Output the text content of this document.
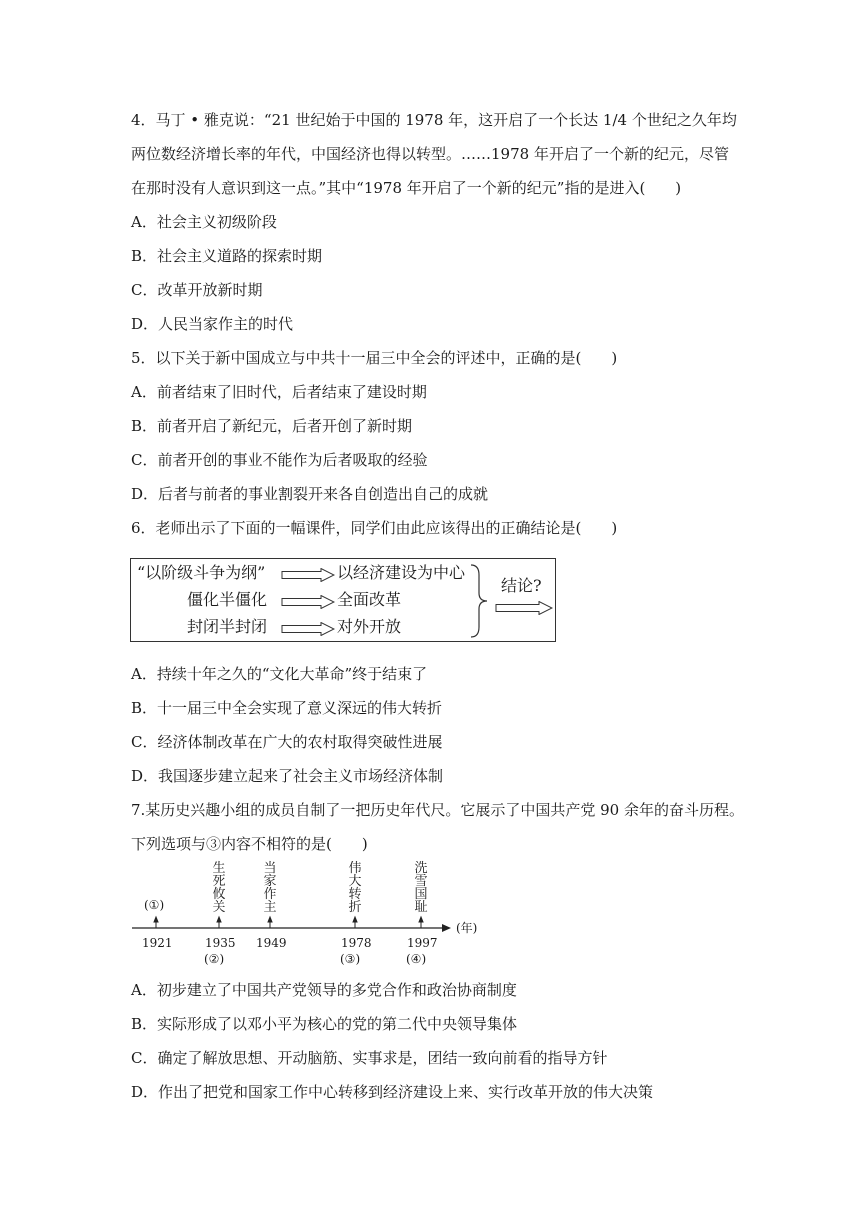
4．马丁 • 雅克说：“21 世纪始于中国的 1978 年，这开启了一个长达 1/4 个世纪之久年均
两位数经济增长率的年代，中国经济也得以转型。……1978 年开启了一个新的纪元，尽管
在那时没有人意识到这一点。”其中“1978 年开启了一个新的纪元”指的是进入(　　)
A．社会主义初级阶段
B．社会主义道路的探索时期
C．改革开放新时期
D．人民当家作主的时代
5．以下关于新中国成立与中共十一届三中全会的评述中，正确的是(　　)
A．前者结束了旧时代，后者结束了建设时期
B．前者开启了新纪元，后者开创了新时期
C．前者开创的事业不能作为后者吸取的经验
D．后者与前者的事业割裂开来各自创造出自己的成就
6．老师出示了下面的一幅课件，同学们由此应该得出的正确结论是(　　)
“以阶级斗争为纲”	以经济建设为中心
僵化半僵化	全面改革
封闭半封闭	对外开放
结论?
A．持续十年之久的“文化大革命”终于结束了
B．十一届三中全会实现了意义深远的伟大转折
C．经济体制改革在广大的农村取得突破性进展
D．我国逐步建立起来了社会主义市场经济体制
7.某历史兴趣小组的成员自制了一把历史年代尺。它展示了中国共产党 90 余年的奋斗历程。
下列选项与③内容不相符的是(　　)
生死攸关
当家作主
伟大转折
洗雪国耻
(①)
(年)
1921	1935 1949	1978	1997
(②)	(③)	(④)
A．初步建立了中国共产党领导的多党合作和政治协商制度
B．实际形成了以邓小平为核心的党的第二代中央领导集体
C．确定了解放思想、开动脑筋、实事求是，团结一致向前看的指导方针
D．作出了把党和国家工作中心转移到经济建设上来、实行改革开放的伟大决策
